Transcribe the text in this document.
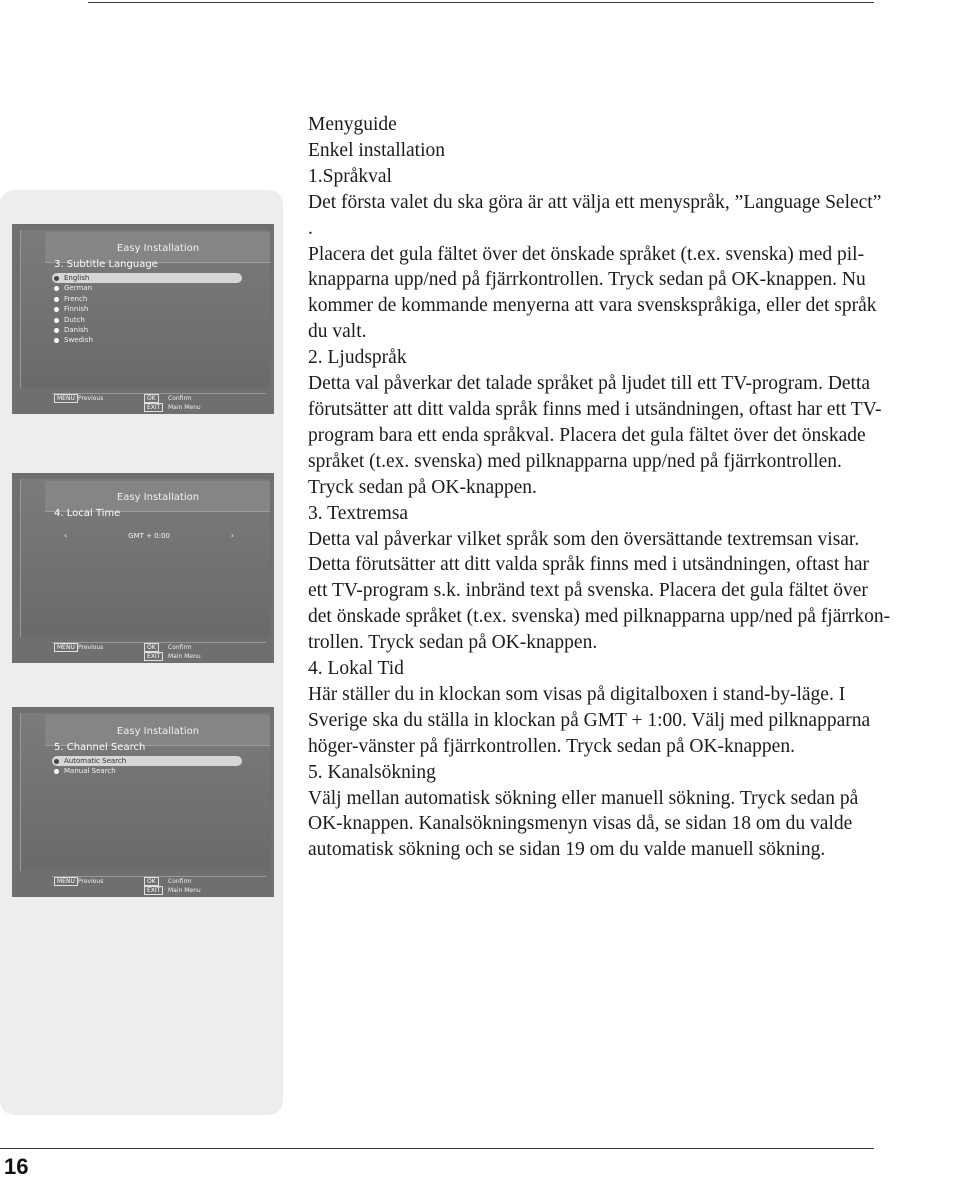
Easy Installation
3. Subtitle Language
English
German
French
Finnish
Dutch
Danish
Swedish
MENU Previous	OK	Confirm
EXIT	Main Menu
Easy Installation
4. Local Time
‹	GMT + 0:00	›
MENU Previous	OK	Confirm
EXIT	Main Menu
Easy Installation
5. Channel Search
Automatic Search
Manual Search
MENU Previous	OK	Confirm
EXIT	Main Menu
Menyguide
Enkel installation
1.Språkval
Det första valet du ska göra är att välja ett menyspråk, ”Language Select”
.
Placera det gula fältet över det önskade språket (t.ex. svenska) med pil-
knapparna upp/ned på fjärrkontrollen. Tryck sedan på OK-knappen. Nu
kommer de kommande menyerna att vara svenskspråkiga, eller det språk
du valt.
2. Ljudspråk
Detta val påverkar det talade språket på ljudet till ett TV-program. Detta
förutsätter att ditt valda språk finns med i utsändningen, oftast har ett TV-
program bara ett enda språkval. Placera det gula fältet över det önskade
språket (t.ex. svenska) med pilknapparna upp/ned på fjärrkontrollen.
Tryck sedan på OK-knappen.
3. Textremsa
Detta val påverkar vilket språk som den översättande textremsan visar.
Detta förutsätter att ditt valda språk finns med i utsändningen, oftast har
ett TV-program s.k. inbränd text på svenska. Placera det gula fältet över
det önskade språket (t.ex. svenska) med pilknapparna upp/ned på fjärrkon-
trollen. Tryck sedan på OK-knappen.
4. Lokal Tid
Här ställer du in klockan som visas på digitalboxen i stand-by-läge. I
Sverige ska du ställa in klockan på GMT + 1:00. Välj med pilknapparna
höger-vänster på fjärrkontrollen. Tryck sedan på OK-knappen.
5. Kanalsökning
Välj mellan automatisk sökning eller manuell sökning. Tryck sedan på
OK-knappen. Kanalsökningsmenyn visas då, se sidan 18 om du valde
automatisk sökning och se sidan 19 om du valde manuell sökning.
16
